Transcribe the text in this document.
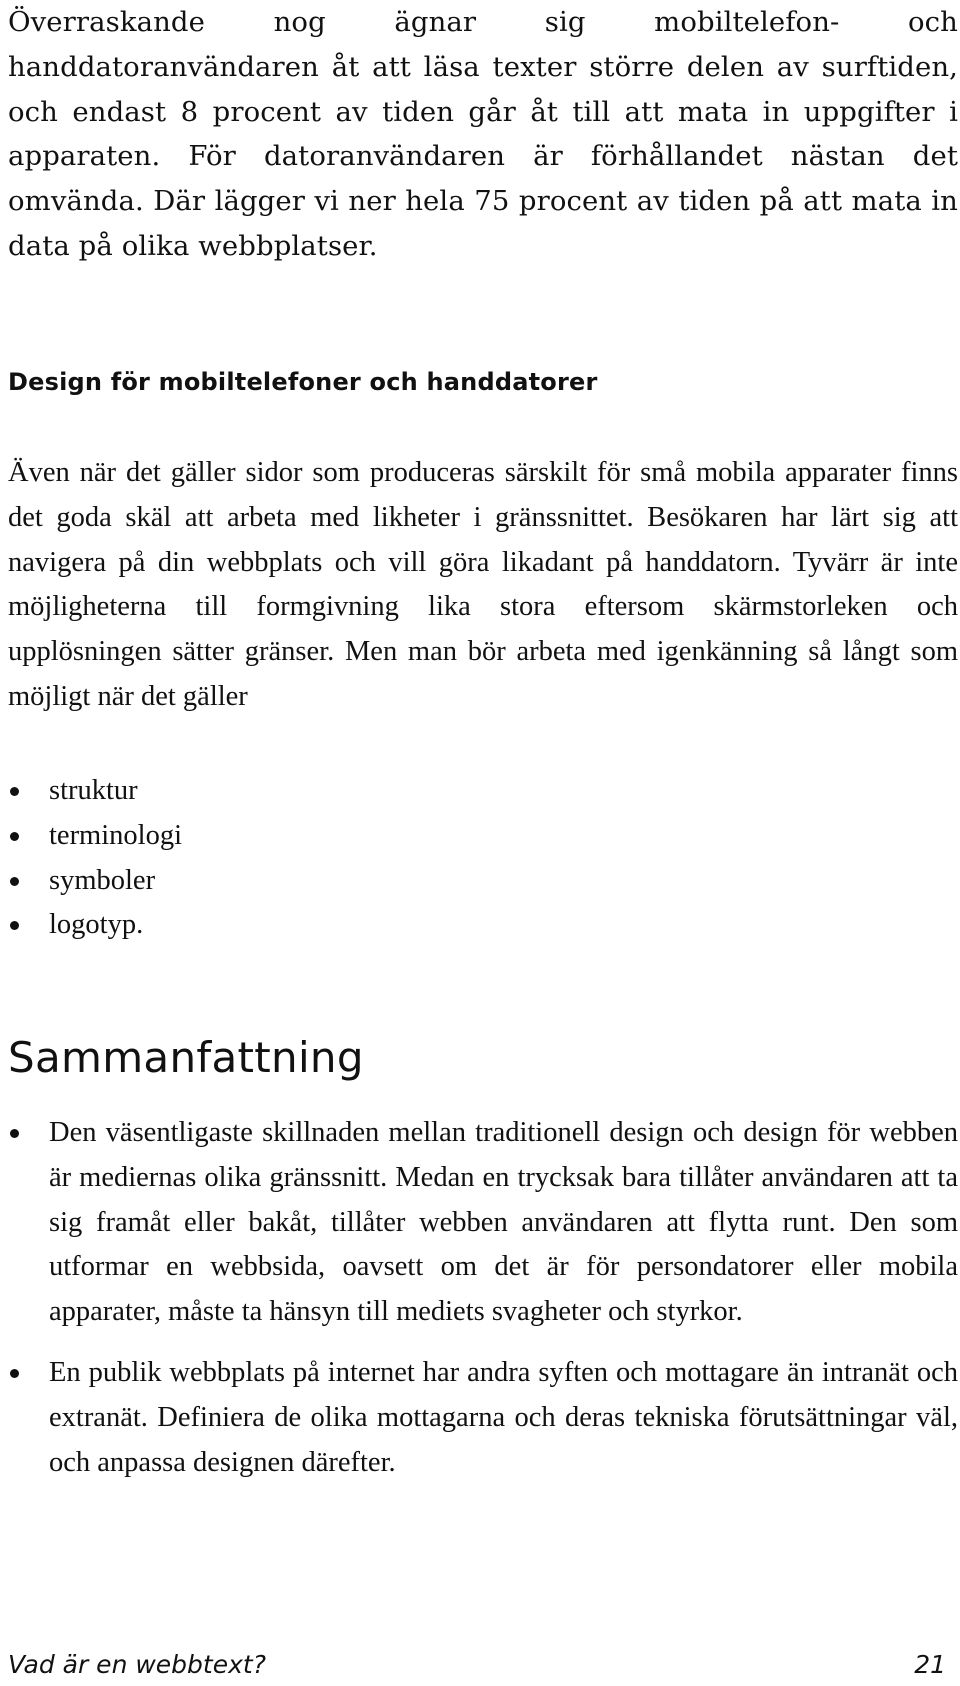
Överraskande nog ägnar sig mobiltelefon- och handdatoranvändaren åt att läsa texter större delen av surftiden, och endast 8 procent av tiden går åt till att mata in uppgifter i apparaten. För datoranvändaren är förhållandet nästan det omvända. Där lägger vi ner hela 75 procent av tiden på att mata in data på olika webbplatser.

Design för mobiltelefoner och handdatorer

Även när det gäller sidor som produceras särskilt för små mobila apparater finns det goda skäl att arbeta med likheter i gränssnittet. Besökaren har lärt sig att navigera på din webbplats och vill göra likadant på handdatorn. Tyvärr är inte möjligheterna till formgivning lika stora eftersom skärmstorleken och upplösningen sätter gränser. Men man bör arbeta med igenkänning så långt som möjligt när det gäller

struktur
terminologi
symboler
logotyp.
Sammanfattning
Den väsentligaste skillnaden mellan traditionell design och design för webben är mediernas olika gränssnitt. Medan en trycksak bara tillåter användaren att ta sig framåt eller bakåt, tillåter webben användaren att flytta runt. Den som utformar en webbsida, oavsett om det är för persondatorer eller mobila apparater, måste ta hänsyn till mediets svagheter och styrkor.
En publik webbplats på internet har andra syften och mottagare än intranät och extranät. Definiera de olika mottagarna och deras tekniska förutsättningar väl, och anpassa designen därefter.
Vad är en webbtext?	21
